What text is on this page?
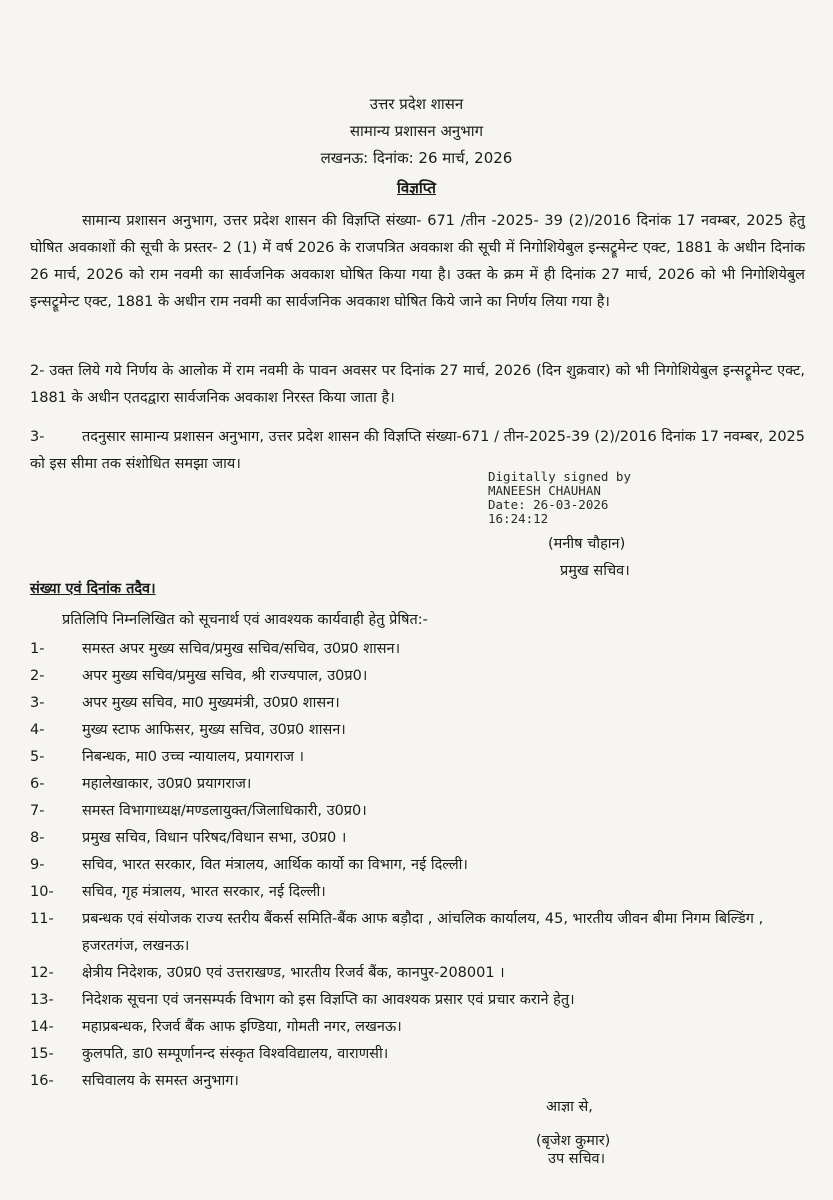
उत्तर प्रदेश शासन
सामान्य प्रशासन अनुभाग
लखनऊ: दिनांक: 26 मार्च, 2026
विज्ञप्ति
सामान्य प्रशासन अनुभाग, उत्तर प्रदेश शासन की विज्ञप्ति संख्या- 671 /तीन -2025- 39 (2)/2016 दिनांक 17 नवम्बर, 2025 हेतु घोषित अवकाशों की सूची के प्रस्तर- 2 (1) में वर्ष 2026 के राजपत्रित अवकाश की सूची में निगोशियेबुल इन्सट्रूमेन्ट एक्ट, 1881 के अधीन दिनांक 26 मार्च, 2026 को राम नवमी का सार्वजनिक अवकाश घोषित किया गया है। उक्त के क्रम में ही दिनांक 27 मार्च, 2026 को भी निगोशियेबुल इन्सट्रूमेन्ट एक्ट, 1881 के अधीन राम नवमी का सार्वजनिक अवकाश घोषित किये जाने का निर्णय लिया गया है।
2- उक्त लिये गये निर्णय के आलोक में राम नवमी के पावन अवसर पर दिनांक 27 मार्च, 2026 (दिन शुक्रवार) को भी निगोशियेबुल इन्सट्रूमेन्ट एक्ट, 1881 के अधीन एतदद्वारा सार्वजनिक अवकाश निरस्त किया जाता है।
3-	तदनुसार सामान्य प्रशासन अनुभाग, उत्तर प्रदेश शासन की विज्ञप्ति संख्या-671 / तीन-2025-39 (2)/2016 दिनांक 17 नवम्बर, 2025 को इस सीमा तक संशोधित समझा जाय।
Digitally signed by
MANEESH CHAUHAN
Date: 26-03-2026
16:24:12
(मनीष चौहान)
प्रमुख सचिव।
संख्या एवं दिनांक तदैव।
प्रतिलिपि निम्नलिखित को सूचनार्थ एवं आवश्यक कार्यवाही हेतु प्रेषित:-
1-	समस्त अपर मुख्य सचिव/प्रमुख सचिव/सचिव, उ0प्र0 शासन।
2-	अपर मुख्य सचिव/प्रमुख सचिव, श्री राज्यपाल, उ0प्र0।
3-	अपर मुख्य सचिव, मा0 मुख्यमंत्री, उ0प्र0 शासन।
4-	मुख्य स्टाफ आफिसर, मुख्य सचिव, उ0प्र0 शासन।
5-	निबन्धक, मा0 उच्च न्यायालय, प्रयागराज ।
6-	महालेखाकार, उ0प्र0 प्रयागराज।
7-	समस्त विभागाध्यक्ष/मण्डलायुक्त/जिलाधिकारी, उ0प्र0।
8-	प्रमुख सचिव, विधान परिषद/विधान सभा, उ0प्र0 ।
9-	सचिव, भारत सरकार, वित मंत्रालय, आर्थिक कार्यो का विभाग, नई दिल्ली।
10-	सचिव, गृह मंत्रालय, भारत सरकार, नई दिल्ली।
11-	प्रबन्धक एवं संयोजक राज्य स्तरीय बैंकर्स समिति-बैंक आफ बड़ौदा , आंचलिक कार्यालय, 45, भारतीय जीवन बीमा निगम बिल्डिंग , हजरतगंज, लखनऊ।
12-	क्षेत्रीय निदेशक, उ0प्र0 एवं उत्तराखण्ड, भारतीय रिजर्व बैंक, कानपुर-208001 ।
13-	निदेशक सूचना एवं जनसम्पर्क विभाग को इस विज्ञप्ति का आवश्यक प्रसार एवं प्रचार कराने हेतु।
14-	महाप्रबन्धक, रिजर्व बैंक आफ इण्डिया, गोमती नगर, लखनऊ।
15-	कुलपति, डा0 सम्पूर्णानन्द संस्कृत विश्वविद्यालय, वाराणसी।
16-	सचिवालय के समस्त अनुभाग।
आज्ञा से,
(बृजेश कुमार)
उप सचिव।
